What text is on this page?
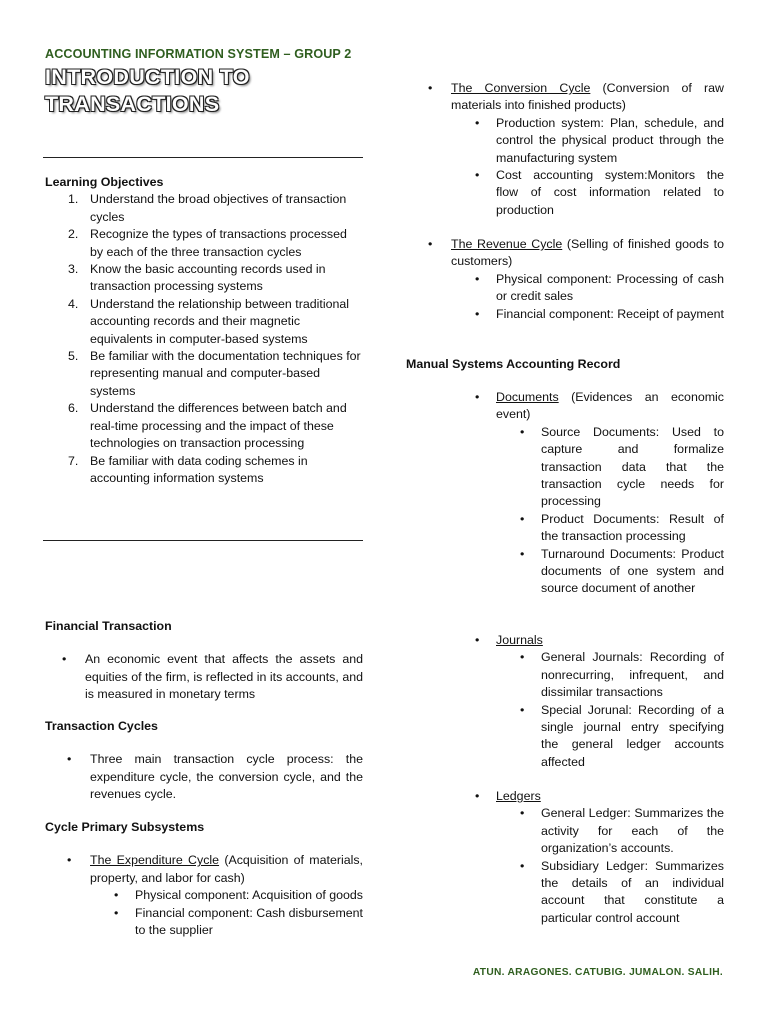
ACCOUNTING INFORMATION SYSTEM – GROUP 2
INTRODUCTION TO
TRANSACTIONS
Learning Objectives
1. Understand the broad objectives of transaction cycles
2. Recognize the types of transactions processed by each of the three transaction cycles
3. Know the basic accounting records used in transaction processing systems
4. Understand the relationship between traditional accounting records and their magnetic equivalents in computer-based systems
5. Be familiar with the documentation techniques for representing manual and computer-based systems
6. Understand the differences between batch and real-time processing and the impact of these technologies on transaction processing
7. Be familiar with data coding schemes in accounting information systems
Financial Transaction
• An economic event that affects the assets and equities of the firm, is reflected in its accounts, and is measured in monetary terms
Transaction Cycles
• Three main transaction cycle process: the expenditure cycle, the conversion cycle, and the revenues cycle.
Cycle Primary Subsystems
• The Expenditure Cycle (Acquisition of materials, property, and labor for cash)
• Physical component: Acquisition of goods
• Financial component: Cash disbursement to the supplier
• The Conversion Cycle (Conversion of raw materials into finished products)
• Production system: Plan, schedule, and control the physical product through the manufacturing system
• Cost accounting system:Monitors the flow of cost information related to production
• The Revenue Cycle (Selling of finished goods to customers)
• Physical component: Processing of cash or credit sales
• Financial component: Receipt of payment
Manual Systems Accounting Record
• Documents (Evidences an economic event)
• Source Documents: Used to capture and formalize transaction data that the transaction cycle needs for processing
• Product Documents: Result of the transaction processing
• Turnaround Documents: Product documents of one system and source document of another
• Journals
• General Journals: Recording of nonrecurring, infrequent, and dissimilar transactions
• Special Jorunal: Recording of a single journal entry specifying the general ledger accounts affected
• Ledgers
• General Ledger: Summarizes the activity for each of the organization’s accounts.
• Subsidiary Ledger: Summarizes the details of an individual account that constitute a particular control account
ATUN. ARAGONES. CATUBIG. JUMALON. SALIH.
